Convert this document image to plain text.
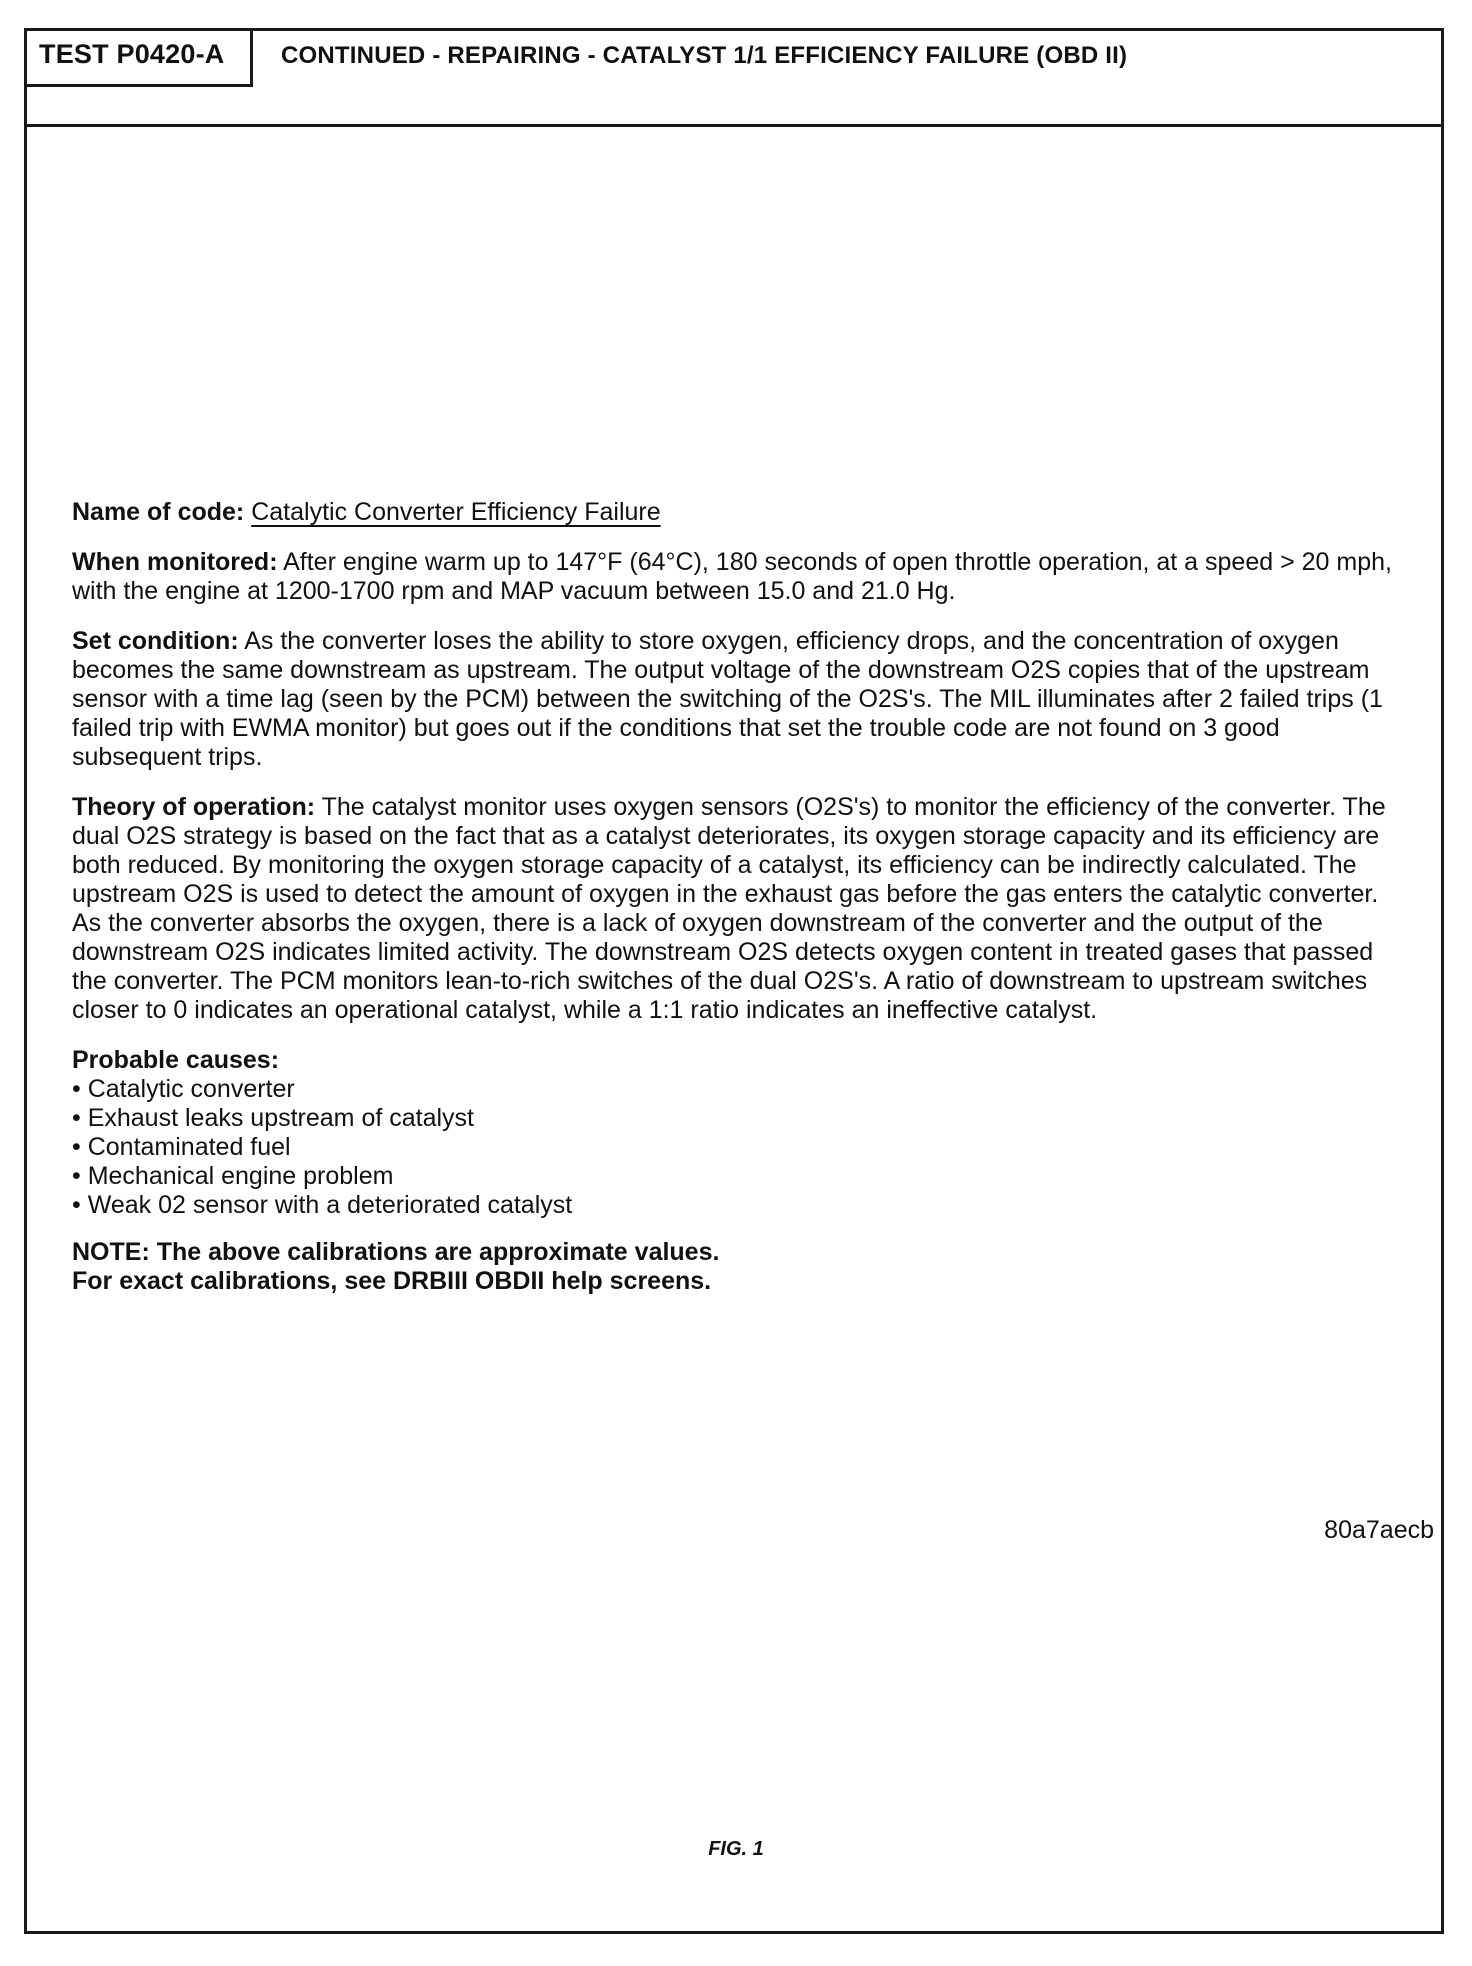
TEST P0420-A	CONTINUED - REPAIRING - CATALYST 1/1 EFFICIENCY FAILURE (OBD II)

Name of code: Catalytic Converter Efficiency Failure

When monitored: After engine warm up to 147°F (64°C), 180 seconds of open throttle operation, at a speed > 20 mph, with the engine at 1200-1700 rpm and MAP vacuum between 15.0 and 21.0 Hg.

Set condition: As the converter loses the ability to store oxygen, efficiency drops, and the concentration of oxygen becomes the same downstream as upstream. The output voltage of the downstream O2S copies that of the upstream sensor with a time lag (seen by the PCM) between the switching of the O2S's. The MIL illuminates after 2 failed trips (1 failed trip with EWMA monitor) but goes out if the conditions that set the trouble code are not found on 3 good subsequent trips.

Theory of operation: The catalyst monitor uses oxygen sensors (O2S's) to monitor the efficiency of the converter. The dual O2S strategy is based on the fact that as a catalyst deteriorates, its oxygen storage capacity and its efficiency are both reduced. By monitoring the oxygen storage capacity of a catalyst, its efficiency can be indirectly calculated. The upstream O2S is used to detect the amount of oxygen in the exhaust gas before the gas enters the catalytic converter. As the converter absorbs the oxygen, there is a lack of oxygen downstream of the converter and the output of the downstream O2S indicates limited activity. The downstream O2S detects oxygen content in treated gases that passed the converter. The PCM monitors lean-to-rich switches of the dual O2S's. A ratio of downstream to upstream switches closer to 0 indicates an operational catalyst, while a 1:1 ratio indicates an ineffective catalyst.

Probable causes:
• Catalytic converter
• Exhaust leaks upstream of catalyst
• Contaminated fuel
• Mechanical engine problem
• Weak 02 sensor with a deteriorated catalyst
NOTE: The above calibrations are approximate values.
For exact calibrations, see DRBIII OBDII help screens.
80a7aecb
FIG. 1
